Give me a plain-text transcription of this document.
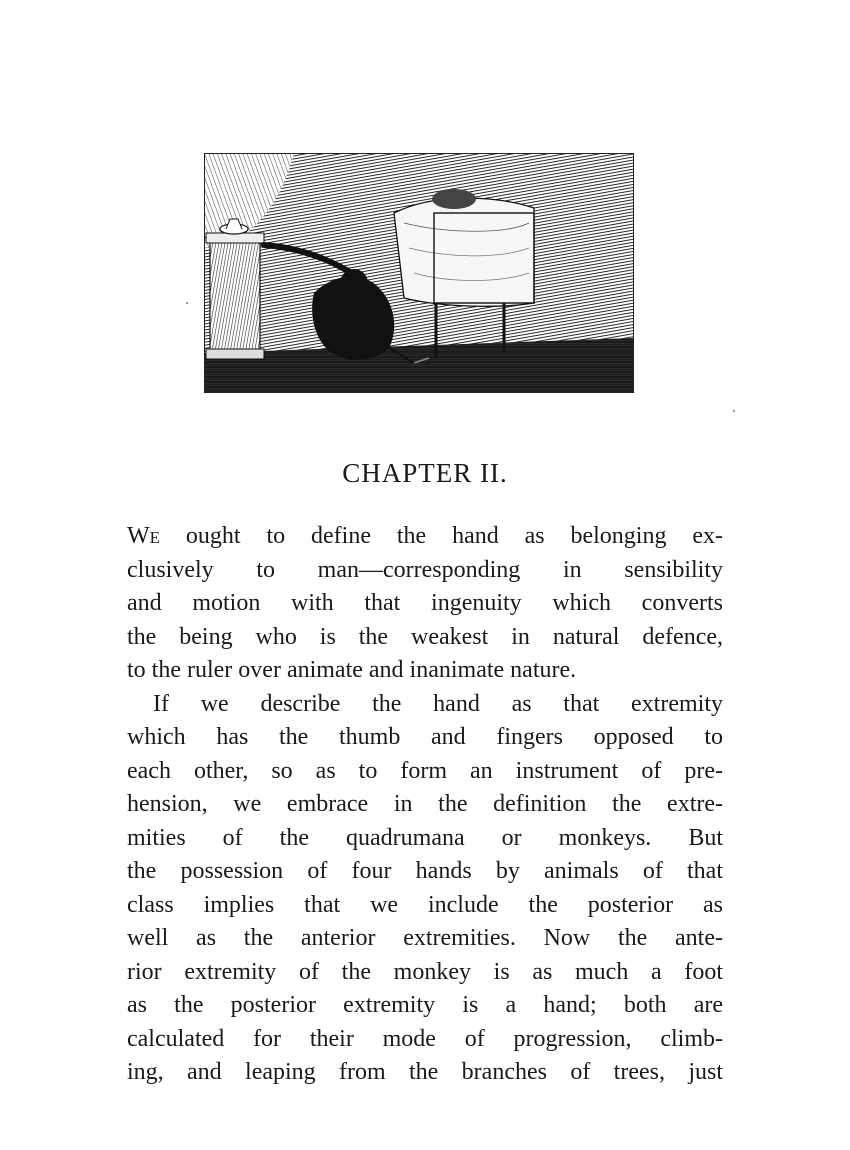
CHAPTER II.
WE ought to define the hand as belonging ex-
clusively to man—corresponding in sensibility
and motion with that ingenuity which converts
the being who is the weakest in natural defence,
to the ruler over animate and inanimate nature.
If we describe the hand as that extremity
which has the thumb and fingers opposed to
each other, so as to form an instrument of pre-
hension, we embrace in the definition the extre-
mities of the quadrumana or monkeys. But
the possession of four hands by animals of that
class implies that we include the posterior as
well as the anterior extremities. Now the ante-
rior extremity of the monkey is as much a foot
as the posterior extremity is a hand; both are
calculated for their mode of progression, climb-
ing, and leaping from the branches of trees, just
